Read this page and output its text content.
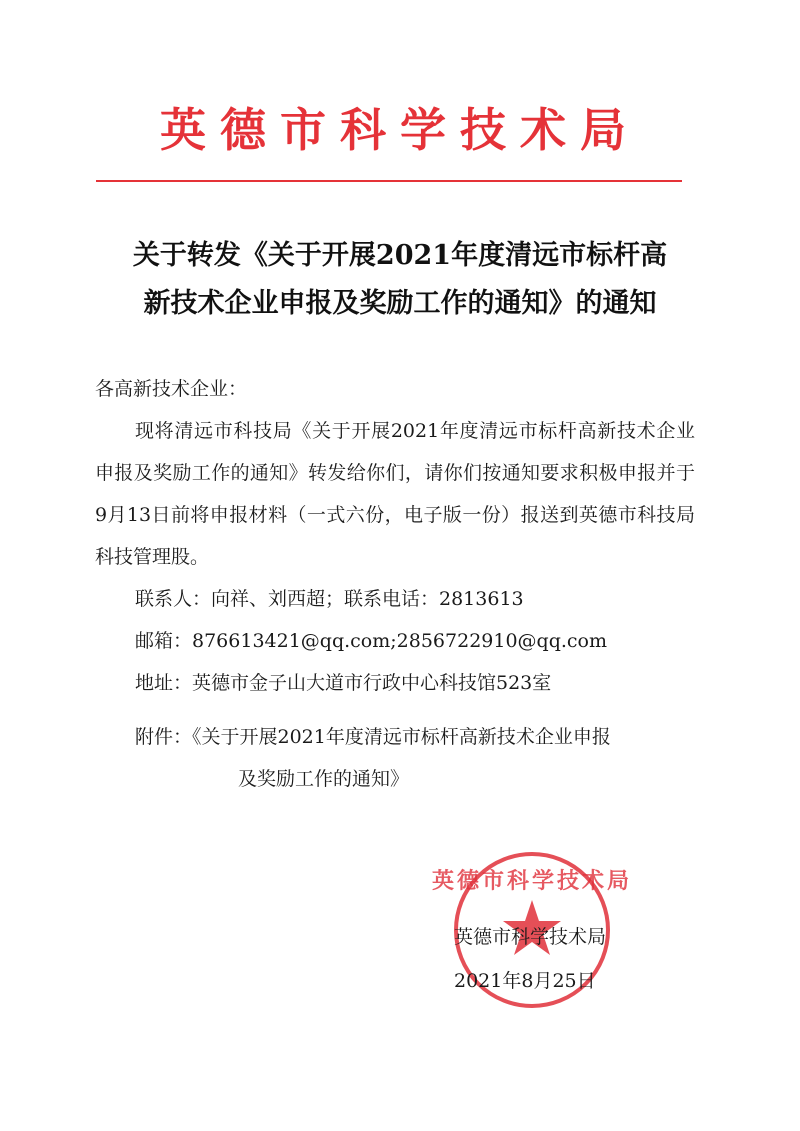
英德市科学技术局
关于转发《关于开展2021年度清远市标杆高
新技术企业申报及奖励工作的通知》的通知

各高新技术企业：

现将清远市科技局《关于开展2021年度清远市标杆高新技术企业申报及奖励工作的通知》转发给你们，请你们按通知要求积极申报并于9月13日前将申报材料（一式六份，电子版一份）报送到英德市科技局科技管理股。

联系人：向祥、刘西超；联系电话：2813613

邮箱：876613421@qq.com;2856722910@qq.com

地址：英德市金子山大道市行政中心科技馆523室

附件：《关于开展2021年度清远市标杆高新技术企业申报
及奖励工作的通知》
英德市科学技术局
英德市科学技术局
2021年8月25日
